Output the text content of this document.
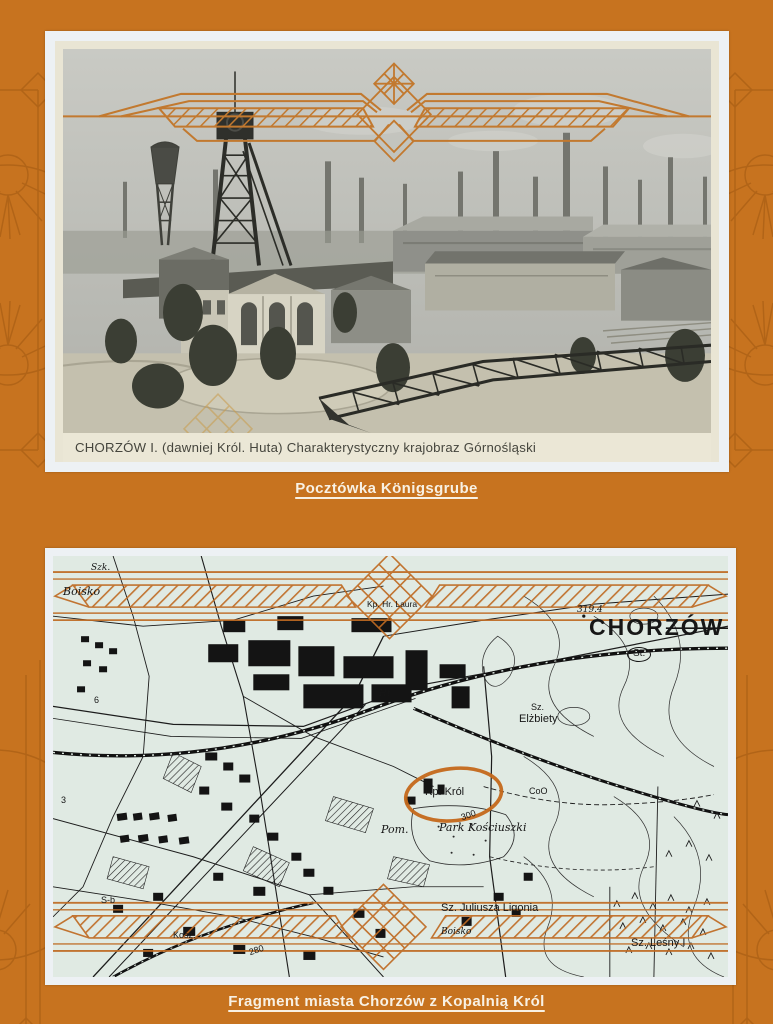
CHORZÓW I. (dawniej Król. Huta) Charakterystyczny krajobraz Górnośląski
Pocztówka Königsgrube
Szk.
Boisko
Kp. Hr. Laura
319.4
CHORZÓW
St.
Ht.
6
Sz.
Elżbiety
Kp. Król	CoO
300
3
Pom.	Park Kościuszki
S-b
Sz. Juliusza Ligonia
Boisko
Kosz.
280	Sz. Leśny I
Fragment miasta Chorzów z Kopalnią Król
